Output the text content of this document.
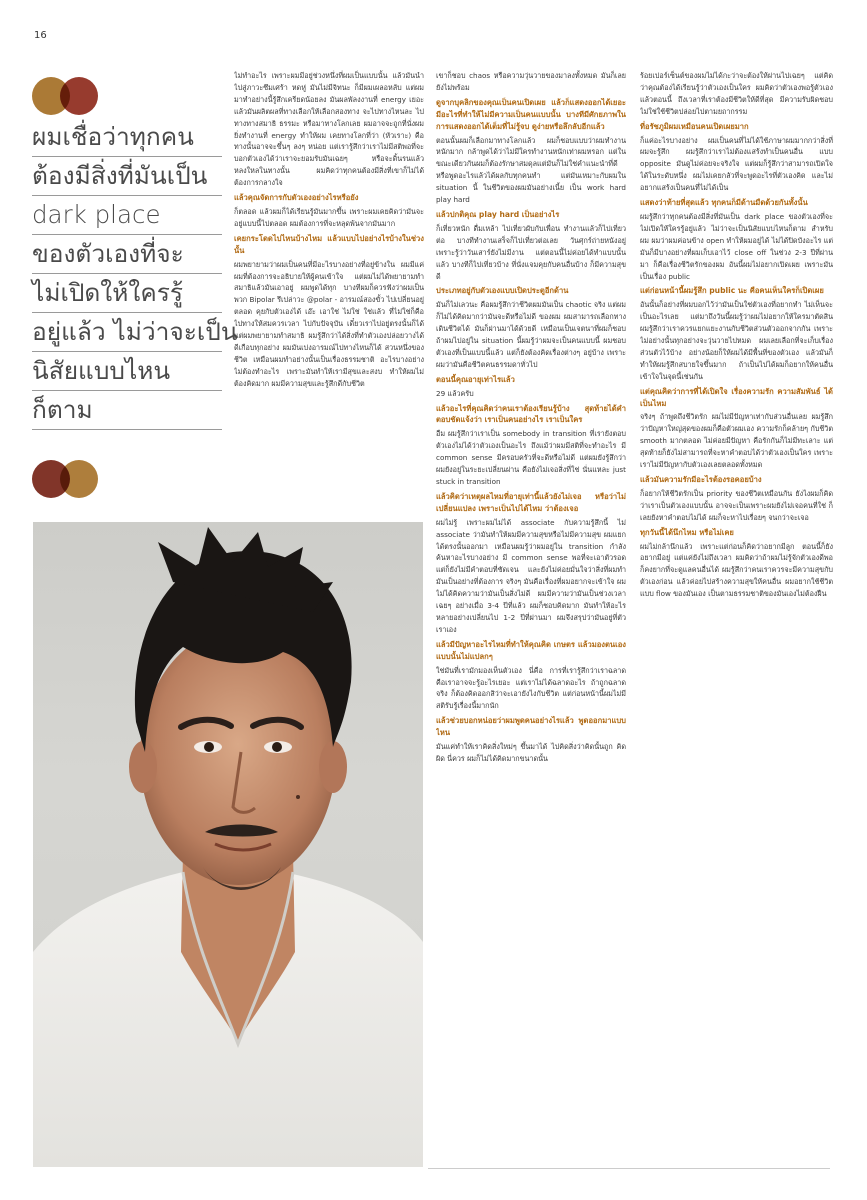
16
ผมเชื่อว่าทุกคน
ต้องมีสิ่งที่มันเป็น
dark place
ของตัวเองที่จะ
ไม่เปิดให้ใครรู้
อยู่แล้ว ไม่ว่าจะเป็น
นิสัยแบบไหน
ก็ตาม

ไม่ทำอะไร เพราะผมมีอยู่ช่วงหนึ่งที่ผมเป็นแบบนั้น แล้วมันนำไปสู่ภาวะซึมเศร้า หดหู่ มันไม่มีจิทนะ ก็มีผมเผลอหลับ แต่ผมมาทำอย่างนี้รู้สึกเครียดน้อยลง มันผลพัลงงานที่ energy เยอะ แล้วมันผลิตผลที่ทางเลือกให้เลือกสองทาง จะไปทางไหนละ ไปทางทางสมาธิ ธรรมะ หรือมาทางโลกเลย ผมอาจจะถูกที่นั่งผมยิ่งทำงานที่ energy ทำให้ผม เคยทางโลกที่ว่า (หัวเราะ) คือทางนั้นอาจจะขึ้นๆ ลงๆ หน่อย แต่เรารู้สึกว่าเราไม่มีสติพอที่จะบอกตัวเองได้ว่าเราจะยอมรับมันเฉยๆ หรือจะดิ้นรนแล้วหลงใหลในทางนั้น ผมคิดว่าทุกคนต้องมีสิ่งที่เขาก็ไม่ได้ต้องการกลางใจ

แล้วคุณจัดการกับตัวเองอย่างไรหรือยัง

ก็ตลอด แล้วผมก็ได้เรียนรู้มันมากขึ้น เพราะผมเคยคิดว่ามันจะอยู่แบบนี้ไปตลอด ผมต้องการที่จะหลุดพ้นจากมันมาก

เคยกระโดดไปไหนบ้างไหม แล้วแบบไปอย่างไรบ้างในช่วงนั้น

ผมพยายามว่าผมเป็นคนที่มีอะไรบางอย่างที่อยู่ข้างใน ผมมีแค่ผมที่ต้องการจะอธิบายให้ผู้คนเข้าใจ แต่ผมไม่ได้พยายามทำสมาธิแล้วมันเอาอยู่ ผมพูดได้ทุก บางทีผมก็ควรฟังว่าผมเป็นพวก Bipolar รึเปล่าวะ @polar - อารมณ์สองขั้ว ไปเปลี่ยนอยู่ตลอด คุยกับตัวเองได้ เอ๊ะ เอาใช่ ไม่ใช่ ใช่แล้ว ที่ไม่ใช่ก็คือ ไปทางให้สมควรเวลา ไปกับปัจจุบัน เดี๋ยวเราไปอยู่ตรงนั้นก็ได้ แต่ผมพยายามทำสมาธิ ผมรู้สึกว่าได้สิ่งที่ทำตัวเองปล่อยวางได้ดีเกือบทุกอย่าง ผมมันเบ่งอารมณ์ไปทางไหนก็ได้ สวนหนึ่งของชีวิต เหมือนผมทำอย่างนั้นเป็นเรื่องธรรมชาติ อะไรบางอย่างไม่ต้องทำอะไร เพราะมันทำให้เรามีสุขและสงบ ทำให้ผมไม่ต้องคิดมาก ผมมีความสุขและรู้สึกดีกับชีวิต

เขาก็ชอบ chaos หรือความวุ่นวายของมาลงทั้งหมด มันก็เลยยังไม่พร้อม

ดูจากบุคลิกของคุณเป็นคนเปิดเผย แล้วก็แสดงออกได้เยอะ มีอะไรที่ทำให้ไม่มีความเป็นคนแบบนั้น บางทีมีศักยภาพในการแสดงออกได้เต็มที่ไม่รู้จบ ดูง่ายหรือลึกลับอีกแล้ว

ตอนนั้นผมก็เลือกมาทางโลกแล้ว ผมก็ชอบแบบว่าผมทำงานหนักมาก กล้าพูดได้ว่าไม่มีใครทำงานหนักเท่าผมหรอก แต่ในขณะเดียวกันผมก็ต้องรักษาสมดุลแต่มันก็ไม่ใช่คำแนะนำที่ดี หรือพูดอะไรแล้วได้ผลกับทุกคนทำ แต่มันเหมาะกับผมใน situation นี้ ในชีวิตของผมมันอย่างเนี้ย เป็น work hard play hard

แล้วปกติคุณ play hard เป็นอย่างไร

ก็เที่ยวหนัก ดื่มเหล้า ไปเที่ยวผับกับเพื่อน ทำงานแล้วก็ไปเที่ยวต่อ บางทีทำงานเสร็จก็ไปเที่ยวต่อเลย วันศุกร์ถ่ายหนังอยู่ เพราะรู้ว่าวันเสาร์ยังไม่มีงาน แต่ตอนนี้ไม่ค่อยได้ทำแบบนั้นแล้ว บางทีก็ไปเที่ยวบ้าง ที่นั่งแจมคุยกับคนอื่นบ้าง ก็มีความสุขดี

ประเภทอยู่กับตัวเองแบบเปิดประตูอีกด้าน

มันก็ไม่เลวนะ คือผมรู้สึกว่าชีวิตผมมันเป็น chaotic จริง แต่ผมก็ไม่ได้คิดมากว่ามันจะดีหรือไม่ดี ของผม ผมสามารถเลือกทางเดินชีวิตได้ มันก็ผ่านมาได้ด้วยดี เหมือนเป็นเจตนาที่ผมก็ชอบ ถ้าผมไปอยู่ใน situation นี้ผมรู้ว่าผมจะเป็นคนแบบนี้ ผมชอบตัวเองที่เป็นแบบนี้แล้ว แต่ก็ยังต้องคิดเรื่องต่างๆ อยู่บ้าง เพราะผมว่ามันคือชีวิตคนธรรมดาทั่วไป

ตอนนี้คุณอายุเท่าไรแล้ว

29 แล้วครับ

แล้วอะไรที่คุณคิดว่าคนเราต้องเรียนรู้บ้าง สุดท้ายได้คำตอบชัดแจ้งว่า เราเป็นคนอย่างไร เราเป็นใคร

อืม ผมรู้สึกว่าเราเป็น somebody in transition ที่เรายังตอบตัวเองไม่ได้ว่าตัวเองเป็นอะไร ถึงแม้ว่าผมมีสติที่จะทำอะไร มี common sense มีครอบครัวที่จะดีหรือไม่ดี แต่ผมยังรู้สึกว่าผมยังอยู่ในระยะเปลี่ยนผ่าน คือยังไม่เจอสิ่งที่ใช่ นั่นแหละ just stuck in transition

แล้วคิดว่าเหตุผลไหมที่อายุเท่านี้แล้วยังไม่เจอ หรือว่าไม่เปลี่ยนแปลง เพราะเป็นไปได้ไหม ว่าต้องเจอ

ผมไม่รู้ เพราะผมไม่ได้ associate กับความรู้สึกนี้ ไม่ associate ว่ามันทำให้ผมมีความสุขหรือไม่มีความสุข ผมแยกได้ตรงนั้นออกมา เหมือนผมรู้ว่าผมอยู่ใน transition กำลังค้นหาอะไรบางอย่าง มี common sense พอที่จะเอาตัวรอดแต่ก็ยังไม่มีคำตอบที่ชัดเจน และยังไม่ค่อยมั่นใจว่าสิ่งที่ผมทำมันเป็นอย่างที่ต้องการ จริงๆ มันคือเรื่องที่ผมอยากจะเข้าใจ ผมไม่ได้คิดความว่ามันเป็นสิ่งไม่ดี ผมมีความว่ามันเป็นช่วงเวลาเฉยๆ อย่างเมื่อ 3-4 ปีที่แล้ว ผมก็ชอบคิดมาก มันทำให้อะไรหลายอย่างเปลี่ยนไป 1-2 ปีที่ผ่านมา ผมจึงสรุปว่ามันอยู่ที่ตัวเราเอง

แล้วมีปัญหาอะไรไหมที่ทำให้คุณคิด เกษตร แล้วมองตนเองแบบนั้นไม่แปลกๆ

ใช่มันที่เรามักมองเห็นตัวเอง นี่คือ การที่เรารู้สึกว่าเราฉลาด คือเราอาจจะรู้อะไรเยอะ แต่เราไม่ได้ฉลาดอะไร ถ้าถูกฉลาดจริง ก็ต้องคิดออกสิว่าจะเอายังไงกับชีวิต แต่ก่อนหน้านี้ผมไม่มีสติรับรู้เรื่องนี้มากนัก

แล้วช่วยบอกหน่อยว่าผมพูดคนอย่างไรแล้ว พูดออกมาแบบไหน

มันแค่ทำให้เราคิดสิ่งใหม่ๆ ขึ้นมาได้ ไปคิดสิ่งว่าคิดนั้นถูก คิดผิด นี่ควร ผมก็ไม่ได้คิดมากขนาดนั้น

ร้อยเปอร์เซ็นต์ของผมไม่ได้กะว่าจะต้องให้ผ่านไปเฉยๆ แต่คิดว่าคุณต้องได้เรียนรู้ว่าตัวเองเป็นใคร ผมคิดว่าตัวเองพอรู้ตัวเองแล้วตอนนี้ ถึงเวลาที่เราต้องมีชีวิตให้ดีที่สุด มีความรับผิดชอบ ไม่ใช่ใช้ชีวิตปล่อยไปตามยถากรรม

ที่อรัชภูมิผมเหมือนคนเปิดเผยมาก

ก็แค่อะไรบางอย่าง ผมเป็นคนที่ไม่ได้ใช้ภาษาผมมากกว่าสิ่งที่ผมจะรู้สึก ผมรู้สึกว่าเราไม่ต้องแสร้งทำเป็นคนอื่น แบบ opposite มันดูไม่ค่อยจะจริงใจ แต่ผมก็รู้สึกว่าสามารถเปิดใจได้ในระดับหนึ่ง ผมไม่เคยกลัวที่จะพูดอะไรที่ตัวเองคิด และไม่อยากแสร้งเป็นคนที่ไม่ได้เป็น

แสดงว่าท้ายที่สุดแล้ว ทุกคนก็มีด้านมืดด้วยกันทั้งนั้น

ผมรู้สึกว่าทุกคนต้องมีสิ่งที่มันเป็น dark place ของตัวเองที่จะไม่เปิดให้ใครรู้อยู่แล้ว ไม่ว่าจะเป็นนิสัยแบบไหนก็ตาม สำหรับผม ผมว่าผมค่อนข้าง open ทำให้ผมอยู่ได้ ไม่ได้ปิดบังอะไร แต่มันก็มีบางอย่างที่ผมเก็บเอาไว้ close off ในช่วง 2-3 ปีที่ผ่านมา ก็คือเรื่องชีวิตรักของผม อันนี้ผมไม่อยากเปิดเผย เพราะมันเป็นเรื่อง public

แต่ก่อนหน้านี้ผมรู้สึก public นะ คือคนเห็นใครก็เปิดเผย

อันนั้นก็อย่างที่ผมบอกไว้ว่ามันเป็นใช่ตัวเองที่อยากทำ ไม่เห็นจะเป็นอะไรเลย แต่มาถึงวันนี้ผมรู้ว่าผมไม่อยากให้ใครมาตัดสิน ผมรู้สึกว่าเราควรแยกแยะงานกับชีวิตส่วนตัวออกจากกัน เพราะไม่อย่างนั้นทุกอย่างจะวุ่นวายไปหมด ผมเลยเลือกที่จะเก็บเรื่องส่วนตัวไว้บ้าง อย่างน้อยก็ให้ผมได้มีพื้นที่ของตัวเอง แล้วมันก็ทำให้ผมรู้สึกสบายใจขึ้นมาก ถ้าเป็นไปได้ผมก็อยากให้คนอื่นเข้าใจในจุดนี้เช่นกัน

แต่คุณคิดว่าการที่ได้เปิดใจ เรื่องความรัก ความสัมพันธ์ ได้เป็นไหม

จริงๆ ถ้าพูดถึงชีวิตรัก ผมไม่มีปัญหาเท่ากับส่วนอื่นเลย ผมรู้สึกว่าปัญหาใหญ่สุดของผมก็คือตัวผมเอง ความรักก็คล้ายๆ กับชีวิต smooth มากตลอด ไม่ค่อยมีปัญหา คือรักกันก็ไม่มีทะเลาะ แต่สุดท้ายก็ยังไม่สามารถที่จะหาคำตอบได้ว่าตัวเองเป็นใคร เพราะเราไม่มีปัญหากับตัวเองเลยตลอดทั้งหมด

แล้วมันความรักมีอะไรต้องรอคอยบ้าง

ก็อยากให้ชีวิตรักเป็น priority ของชีวิตเหมือนกัน ยังไงผมก็คิดว่าเราเป็นตัวเองแบบนั้น อาจจะเป็นเพราะผมยังไม่เจอคนที่ใช่ ก็เลยยังหาคำตอบไม่ได้ ผมก็จะหาไปเรื่อยๆ จนกว่าจะเจอ

ทุกวันนี้ได้นึกไหม หรือไม่เคย

ผมไม่กล้านึกแล้ว เพราะแต่ก่อนก็คิดว่าอยากมีลูก ตอนนี้ก็ยังอยากมีอยู่ แต่แค่ยังไม่ถึงเวลา ผมคิดว่าถ้าผมไม่รู้จักตัวเองดีพอก็คงยากที่จะดูแลคนอื่นได้ ผมรู้สึกว่าคนเราควรจะมีความสุขกับตัวเองก่อน แล้วค่อยไปสร้างความสุขให้คนอื่น ผมอยากใช้ชีวิตแบบ flow ของมันเอง เป็นตามธรรมชาติของมันเองไม่ต้องฝืน
